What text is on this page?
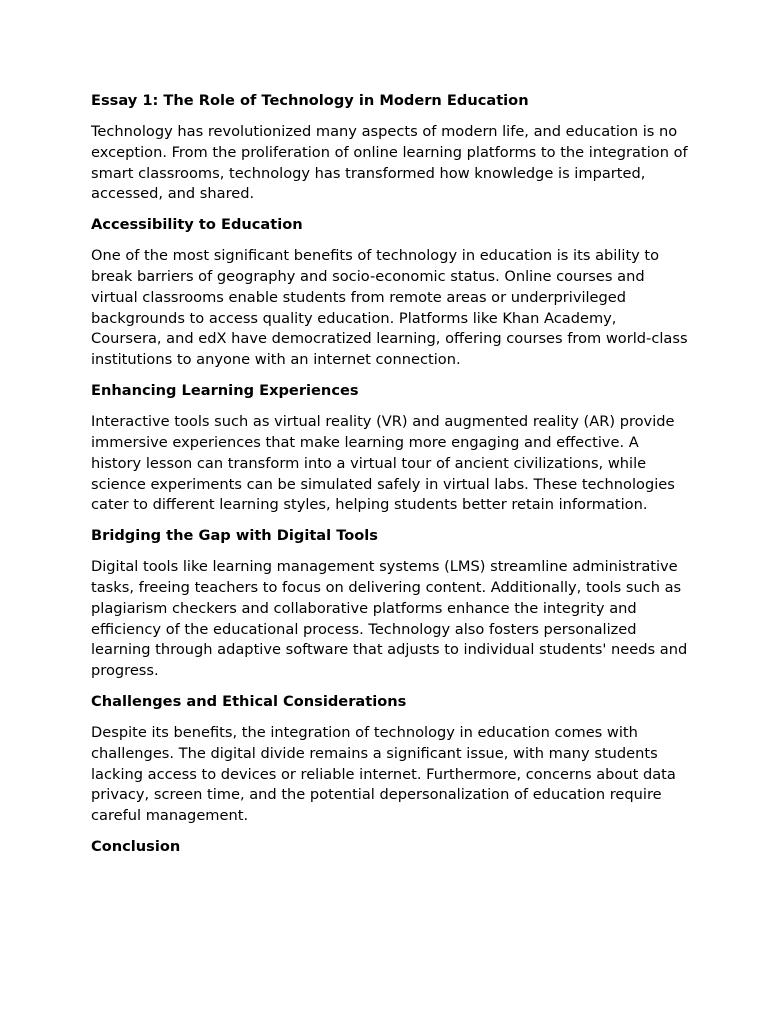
Essay 1: The Role of Technology in Modern Education
Technology has revolutionized many aspects of modern life, and education is no exception. From the proliferation of online learning platforms to the integration of smart classrooms, technology has transformed how knowledge is imparted, accessed, and shared.
Accessibility to Education
One of the most significant benefits of technology in education is its ability to break barriers of geography and socio-economic status. Online courses and virtual classrooms enable students from remote areas or underprivileged backgrounds to access quality education. Platforms like Khan Academy, Coursera, and edX have democratized learning, offering courses from world-class institutions to anyone with an internet connection.
Enhancing Learning Experiences
Interactive tools such as virtual reality (VR) and augmented reality (AR) provide immersive experiences that make learning more engaging and effective. A history lesson can transform into a virtual tour of ancient civilizations, while science experiments can be simulated safely in virtual labs. These technologies cater to different learning styles, helping students better retain information.
Bridging the Gap with Digital Tools
Digital tools like learning management systems (LMS) streamline administrative tasks, freeing teachers to focus on delivering content. Additionally, tools such as plagiarism checkers and collaborative platforms enhance the integrity and efficiency of the educational process. Technology also fosters personalized learning through adaptive software that adjusts to individual students' needs and progress.
Challenges and Ethical Considerations
Despite its benefits, the integration of technology in education comes with challenges. The digital divide remains a significant issue, with many students lacking access to devices or reliable internet. Furthermore, concerns about data privacy, screen time, and the potential depersonalization of education require careful management.
Conclusion
